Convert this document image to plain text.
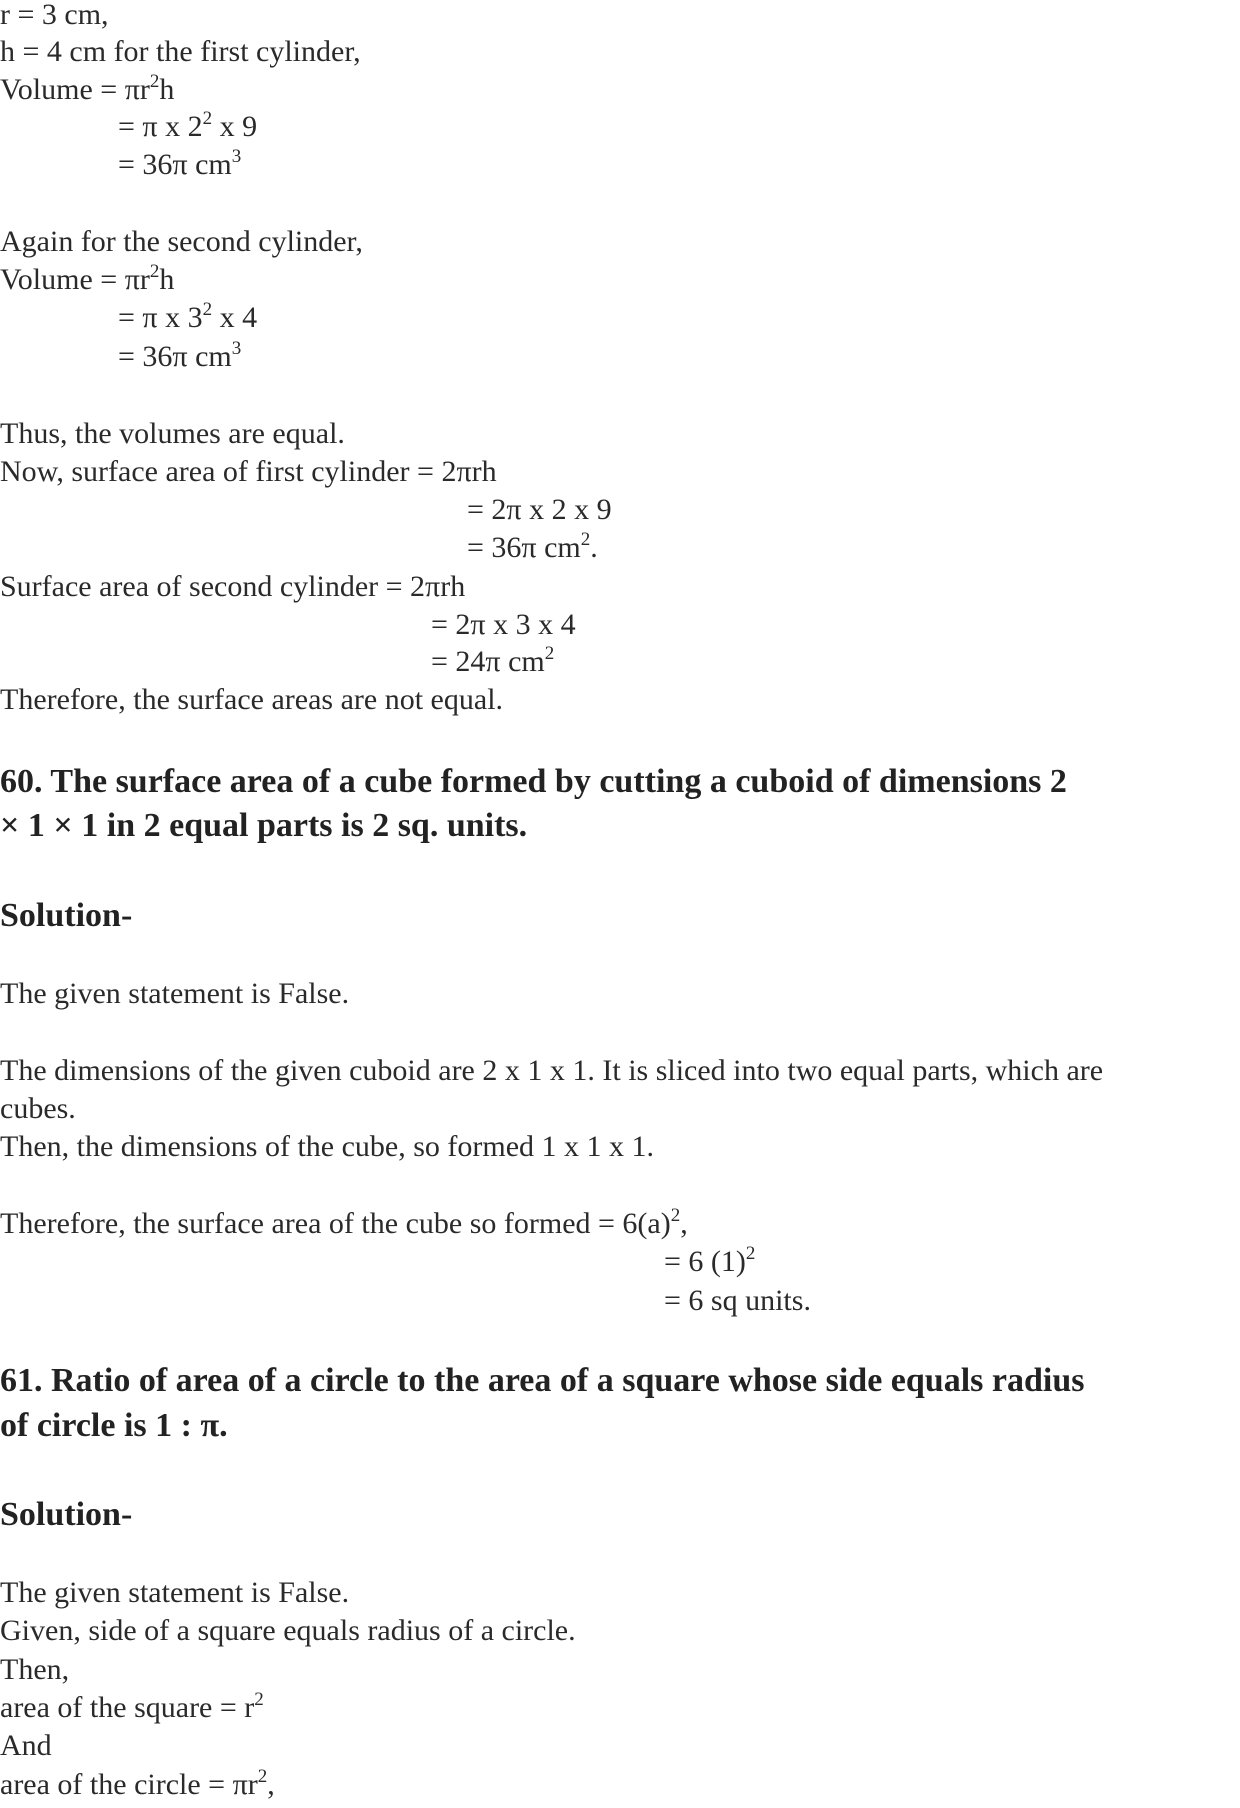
r = 3 cm,
h = 4 cm for the first cylinder,
Volume = $\pi r^2h$
= π x $2^2$ x 9
= 36π $cm^3$
Again for the second cylinder,
Volume = $\pi r^2h$
= π x $3^2$ x 4
= 36π $cm^3$
Thus, the volumes are equal.
Now, surface area of first cylinder = 2πrh
= 2π x 2 x 9
= 36π $cm^2$.
Surface area of second cylinder = 2πrh
= 2π x 3 x 4
= 24π $cm^2$
Therefore, the surface areas are not equal.
60. The surface area of a cube formed by cutting a cuboid of dimensions 2
× 1 × 1 in 2 equal parts is 2 sq. units.
Solution-
The given statement is False.
The dimensions of the given cuboid are 2 x 1 x 1. It is sliced into two equal parts, which are
cubes.
Then, the dimensions of the cube, so formed 1 x 1 x 1.
Therefore, the surface area of the cube so formed = $6(a)^2$,
= 6 $(1)^2$
= 6 sq units.
61. Ratio of area of a circle to the area of a square whose side equals radius
of circle is 1 : π.
Solution-
The given statement is False.
Given, side of a square equals radius of a circle.
Then,
area of the square = $r^2$
And
area of the circle = $\pi r^2$,
